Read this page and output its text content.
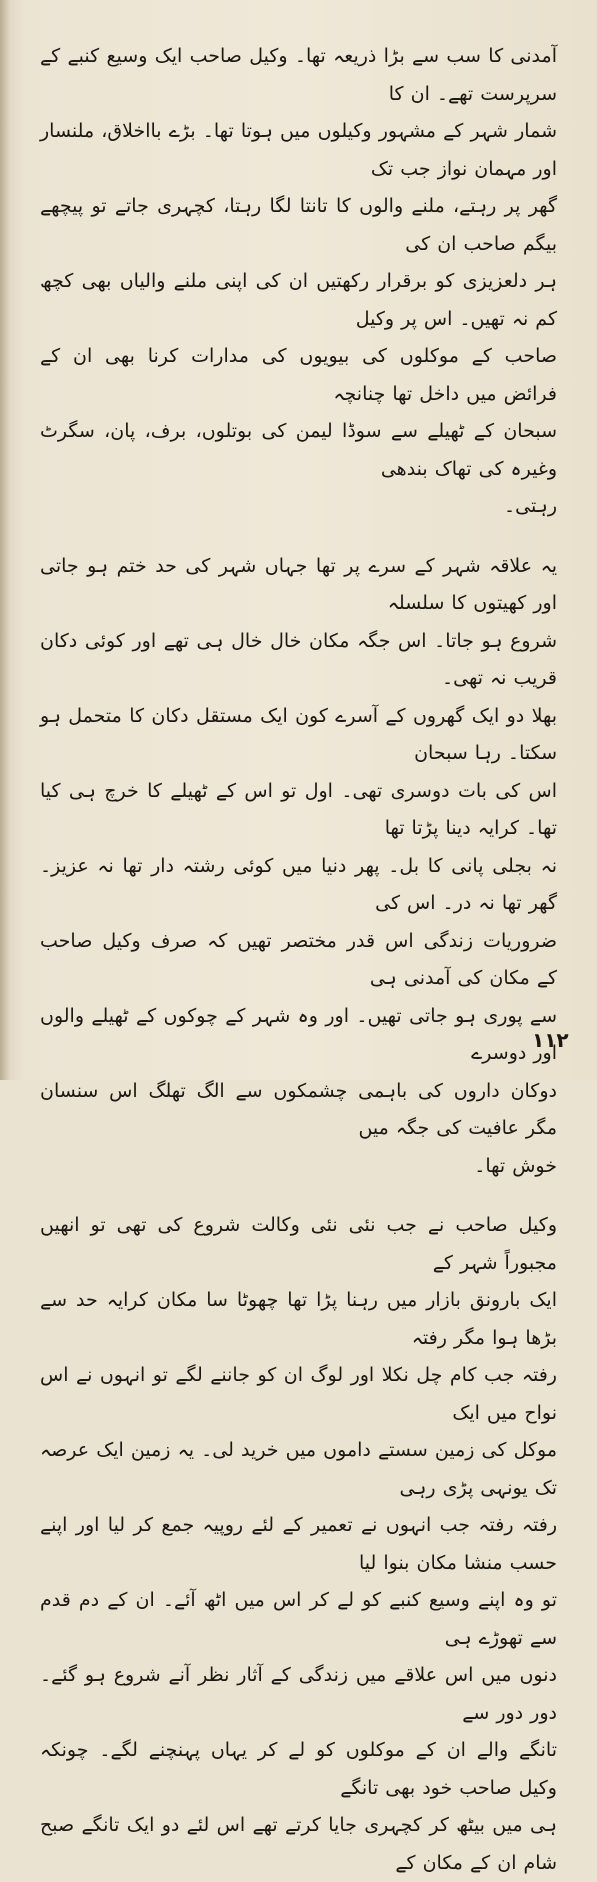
آمدنی کا سب سے بڑا ذریعہ تھا۔ وکیل صاحب ایک وسیع کنبے کے سرپرست تھے۔ ان کا

شمار شہر کے مشہور وکیلوں میں ہوتا تھا۔ بڑے بااخلاق، ملنسار اور مہمان نواز جب تک

گھر پر رہتے، ملنے والوں کا تانتا لگا رہتا، کچہری جاتے تو پیچھے بیگم صاحب ان کی

ہر دلعزیزی کو برقرار رکھتیں ان کی اپنی ملنے والیاں بھی کچھ کم نہ تھیں۔ اس پر وکیل

صاحب کے موکلوں کی بیویوں کی مدارات کرنا بھی ان کے فرائض میں داخل تھا چنانچہ

سبحان کے ٹھیلے سے سوڈا لیمن کی بوتلوں، برف، پان، سگرٹ وغیرہ کی تھاک بندھی

رہتی۔

یہ علاقہ شہر کے سرے پر تھا جہاں شہر کی حد ختم ہو جاتی اور کھیتوں کا سلسلہ

شروع ہو جاتا۔ اس جگہ مکان خال خال ہی تھے اور کوئی دکان قریب نہ تھی۔

بھلا دو ایک گھروں کے آسرے کون ایک مستقل دکان کا متحمل ہو سکتا۔ رہا سبحان

اس کی بات دوسری تھی۔ اول تو اس کے ٹھیلے کا خرچ ہی کیا تھا۔ کرایہ دینا پڑتا تھا

نہ بجلی پانی کا بل۔ پھر دنیا میں کوئی رشتہ دار تھا نہ عزیز۔ گھر تھا نہ در۔ اس کی

ضروریات زندگی اس قدر مختصر تھیں کہ صرف وکیل صاحب کے مکان کی آمدنی ہی

سے پوری ہو جاتی تھیں۔ اور وہ شہر کے چوکوں کے ٹھیلے والوں اور دوسرے

دوکان داروں کی باہمی چشمکوں سے الگ تھلگ اس سنسان مگر عافیت کی جگہ میں

خوش تھا۔

وکیل صاحب نے جب نئی نئی وکالت شروع کی تھی تو انھیں مجبوراً شہر کے

ایک بارونق بازار میں رہنا پڑا تھا چھوٹا سا مکان کرایہ حد سے بڑھا ہوا مگر رفتہ

رفتہ جب کام چل نکلا اور لوگ ان کو جاننے لگے تو انہوں نے اس نواح میں ایک

موکل کی زمین سستے داموں میں خرید لی۔ یہ زمین ایک عرصہ تک یونہی پڑی رہی

رفتہ رفتہ جب انہوں نے تعمیر کے لئے روپیہ جمع کر لیا اور اپنے حسب منشا مکان بنوا لیا

تو وہ اپنے وسیع کنبے کو لے کر اس میں اٹھ آئے۔ ان کے دم قدم سے تھوڑے ہی

دنوں میں اس علاقے میں زندگی کے آثار نظر آنے شروع ہو گئے۔ دور دور سے

تانگے والے ان کے موکلوں کو لے کر یہاں پہنچنے لگے۔ چونکہ وکیل صاحب خود بھی تانگے

ہی میں بیٹھ کر کچہری جایا کرتے تھے اس لئے دو ایک تانگے صبح شام ان کے مکان کے

١١٢
